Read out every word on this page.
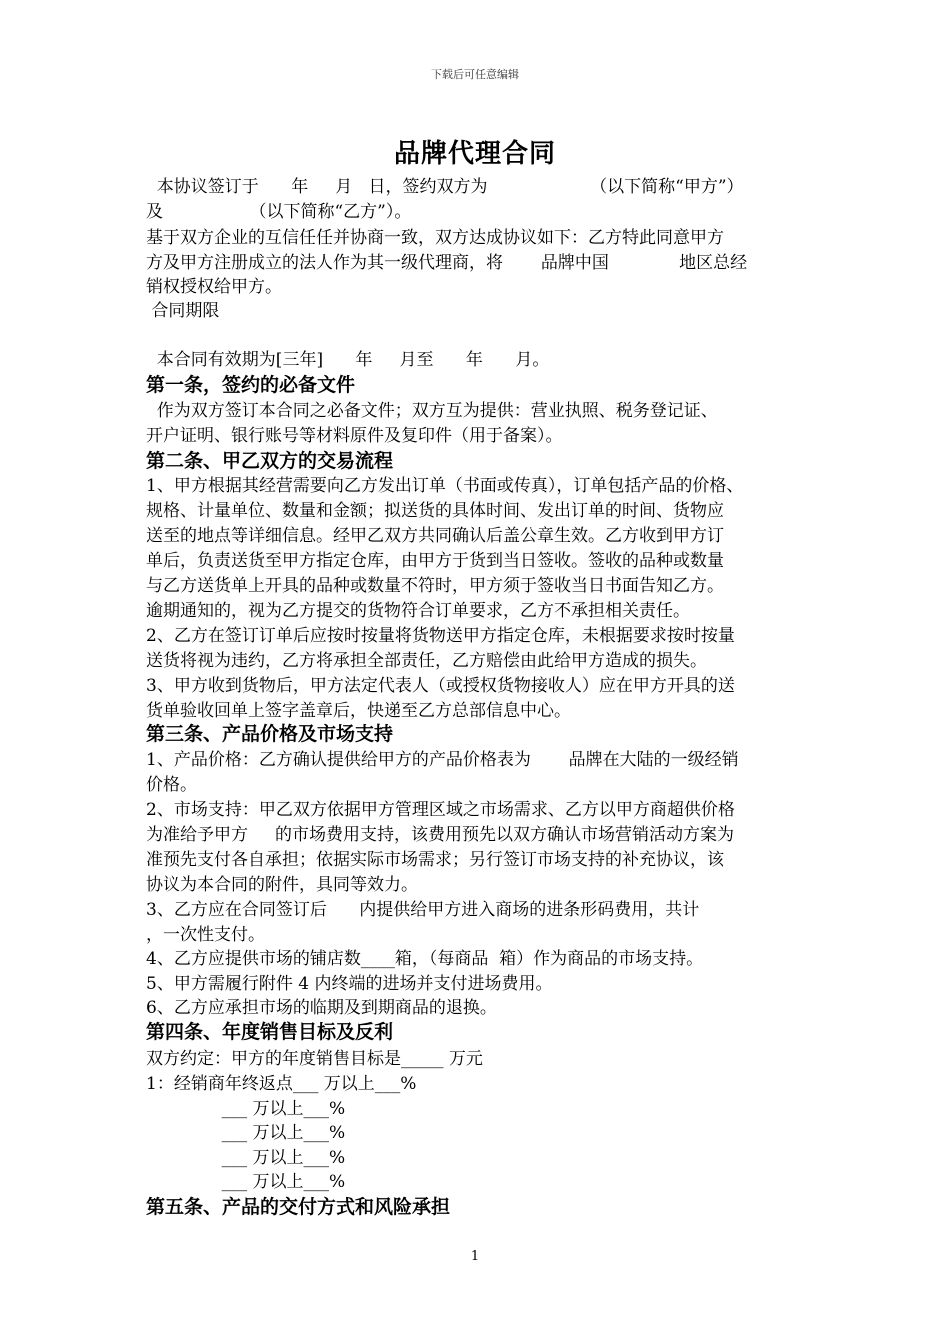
下载后可任意编辑
品牌代理合同
本协议签订于      年     月   日，签约双方为                   （以下简称“甲方”）
及                （以下简称“乙方”）。
基于双方企业的互信任任并协商一致，双方达成协议如下：乙方特此同意甲方
方及甲方注册成立的法人作为其一级代理商，将       品牌中国             地区总经
销权授权给甲方。
合同期限
本合同有效期为[三年]      年     月至      年      月。
第一条，签约的必备文件
作为双方签订本合同之必备文件；双方互为提供：营业执照、税务登记证、
开户证明、银行账号等材料原件及复印件（用于备案）。
第二条、甲乙双方的交易流程
1、甲方根据其经营需要向乙方发出订单（书面或传真），订单包括产品的价格、
规格、计量单位、数量和金额；拟送货的具体时间、发出订单的时间、货物应
送至的地点等详细信息。经甲乙双方共同确认后盖公章生效。乙方收到甲方订
单后，负责送货至甲方指定仓库，由甲方于货到当日签收。签收的品种或数量
与乙方送货单上开具的品种或数量不符时，甲方须于签收当日书面告知乙方。
逾期通知的，视为乙方提交的货物符合订单要求，乙方不承担相关责任。
2、乙方在签订订单后应按时按量将货物送甲方指定仓库，未根据要求按时按量
送货将视为违约，乙方将承担全部责任，乙方赔偿由此给甲方造成的损失。
3、甲方收到货物后，甲方法定代表人（或授权货物接收人）应在甲方开具的送
货单验收回单上签字盖章后，快递至乙方总部信息中心。
第三条、产品价格及市场支持
1、产品价格：乙方确认提供给甲方的产品价格表为       品牌在大陆的一级经销
价格。
2、市场支持：甲乙双方依据甲方管理区域之市场需求、乙方以甲方商超供价格
为准给予甲方     的市场费用支持，该费用预先以双方确认市场营销活动方案为
准预先支付各自承担；依据实际市场需求；另行签订市场支持的补充协议，该
协议为本合同的附件，具同等效力。
3、乙方应在合同签订后      内提供给甲方进入商场的进条形码费用，共计
，一次性支付。
4、乙方应提供市场的铺店数____箱，（每商品  箱）作为商品的市场支持。
5、甲方需履行附件 4 内终端的进场并支付进场费用。
6、乙方应承担市场的临期及到期商品的退换。
第四条、年度销售目标及反利
双方约定：甲方的年度销售目标是_____ 万元
1：经销商年终返点___ 万以上___%
___ 万以上___%
___ 万以上___%
___ 万以上___%
___ 万以上___%
第五条、产品的交付方式和风险承担
1
